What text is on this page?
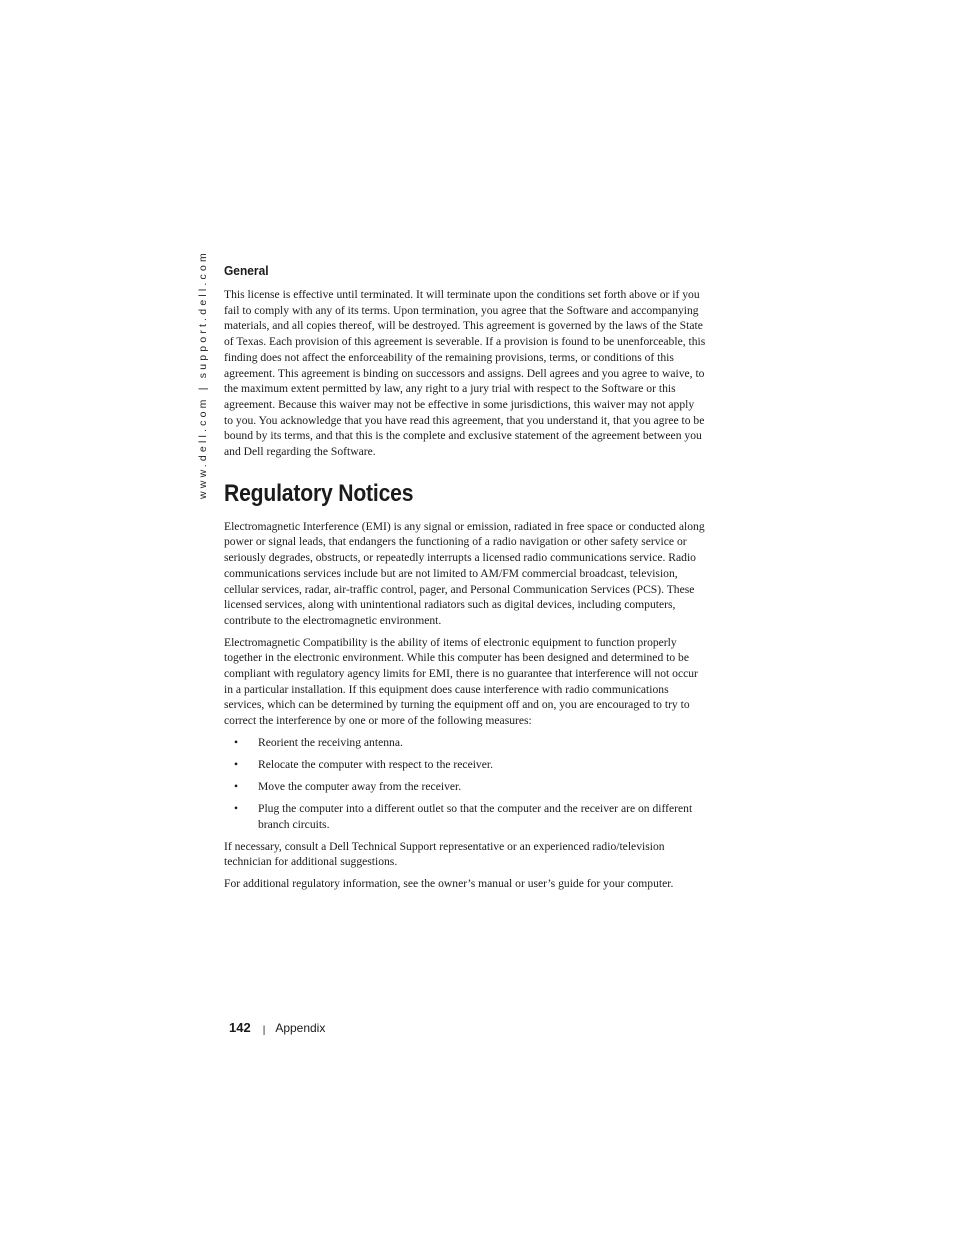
www.dell.com | support.dell.com	General

This license is effective until terminated. It will terminate upon the conditions set forth above or if you fail to comply with any of its terms. Upon termination, you agree that the Software and accompanying materials, and all copies thereof, will be destroyed. This agreement is governed by the laws of the State of Texas. Each provision of this agreement is severable. If a provision is found to be unenforceable, this finding does not affect the enforceability of the remaining provisions, terms, or conditions of this agreement. This agreement is binding on successors and assigns. Dell agrees and you agree to waive, to the maximum extent permitted by law, any right to a jury trial with respect to the Software or this agreement. Because this waiver may not be effective in some jurisdictions, this waiver may not apply to you. You acknowledge that you have read this agreement, that you understand it, that you agree to be bound by its terms, and that this is the complete and exclusive statement of the agreement between you and Dell regarding the Software.

Regulatory Notices

Electromagnetic Interference (EMI) is any signal or emission, radiated in free space or conducted along power or signal leads, that endangers the functioning of a radio navigation or other safety service or seriously degrades, obstructs, or repeatedly interrupts a licensed radio communications service. Radio communications services include but are not limited to AM/FM commercial broadcast, television, cellular services, radar, air-traffic control, pager, and Personal Communication Services (PCS). These licensed services, along with unintentional radiators such as digital devices, including computers, contribute to the electromagnetic environment.

Electromagnetic Compatibility is the ability of items of electronic equipment to function properly together in the electronic environment. While this computer has been designed and determined to be compliant with regulatory agency limits for EMI, there is no guarantee that interference will not occur in a particular installation. If this equipment does cause interference with radio communications services, which can be determined by turning the equipment off and on, you are encouraged to try to correct the interference by one or more of the following measures:

• Reorient the receiving antenna.
• Relocate the computer with respect to the receiver.
• Move the computer away from the receiver.
• Plug the computer into a different outlet so that the computer and the receiver are on different branch circuits.

If necessary, consult a Dell Technical Support representative or an experienced radio/television technician for additional suggestions.

For additional regulatory information, see the owner’s manual or user’s guide for your computer.

142 | Appendix
